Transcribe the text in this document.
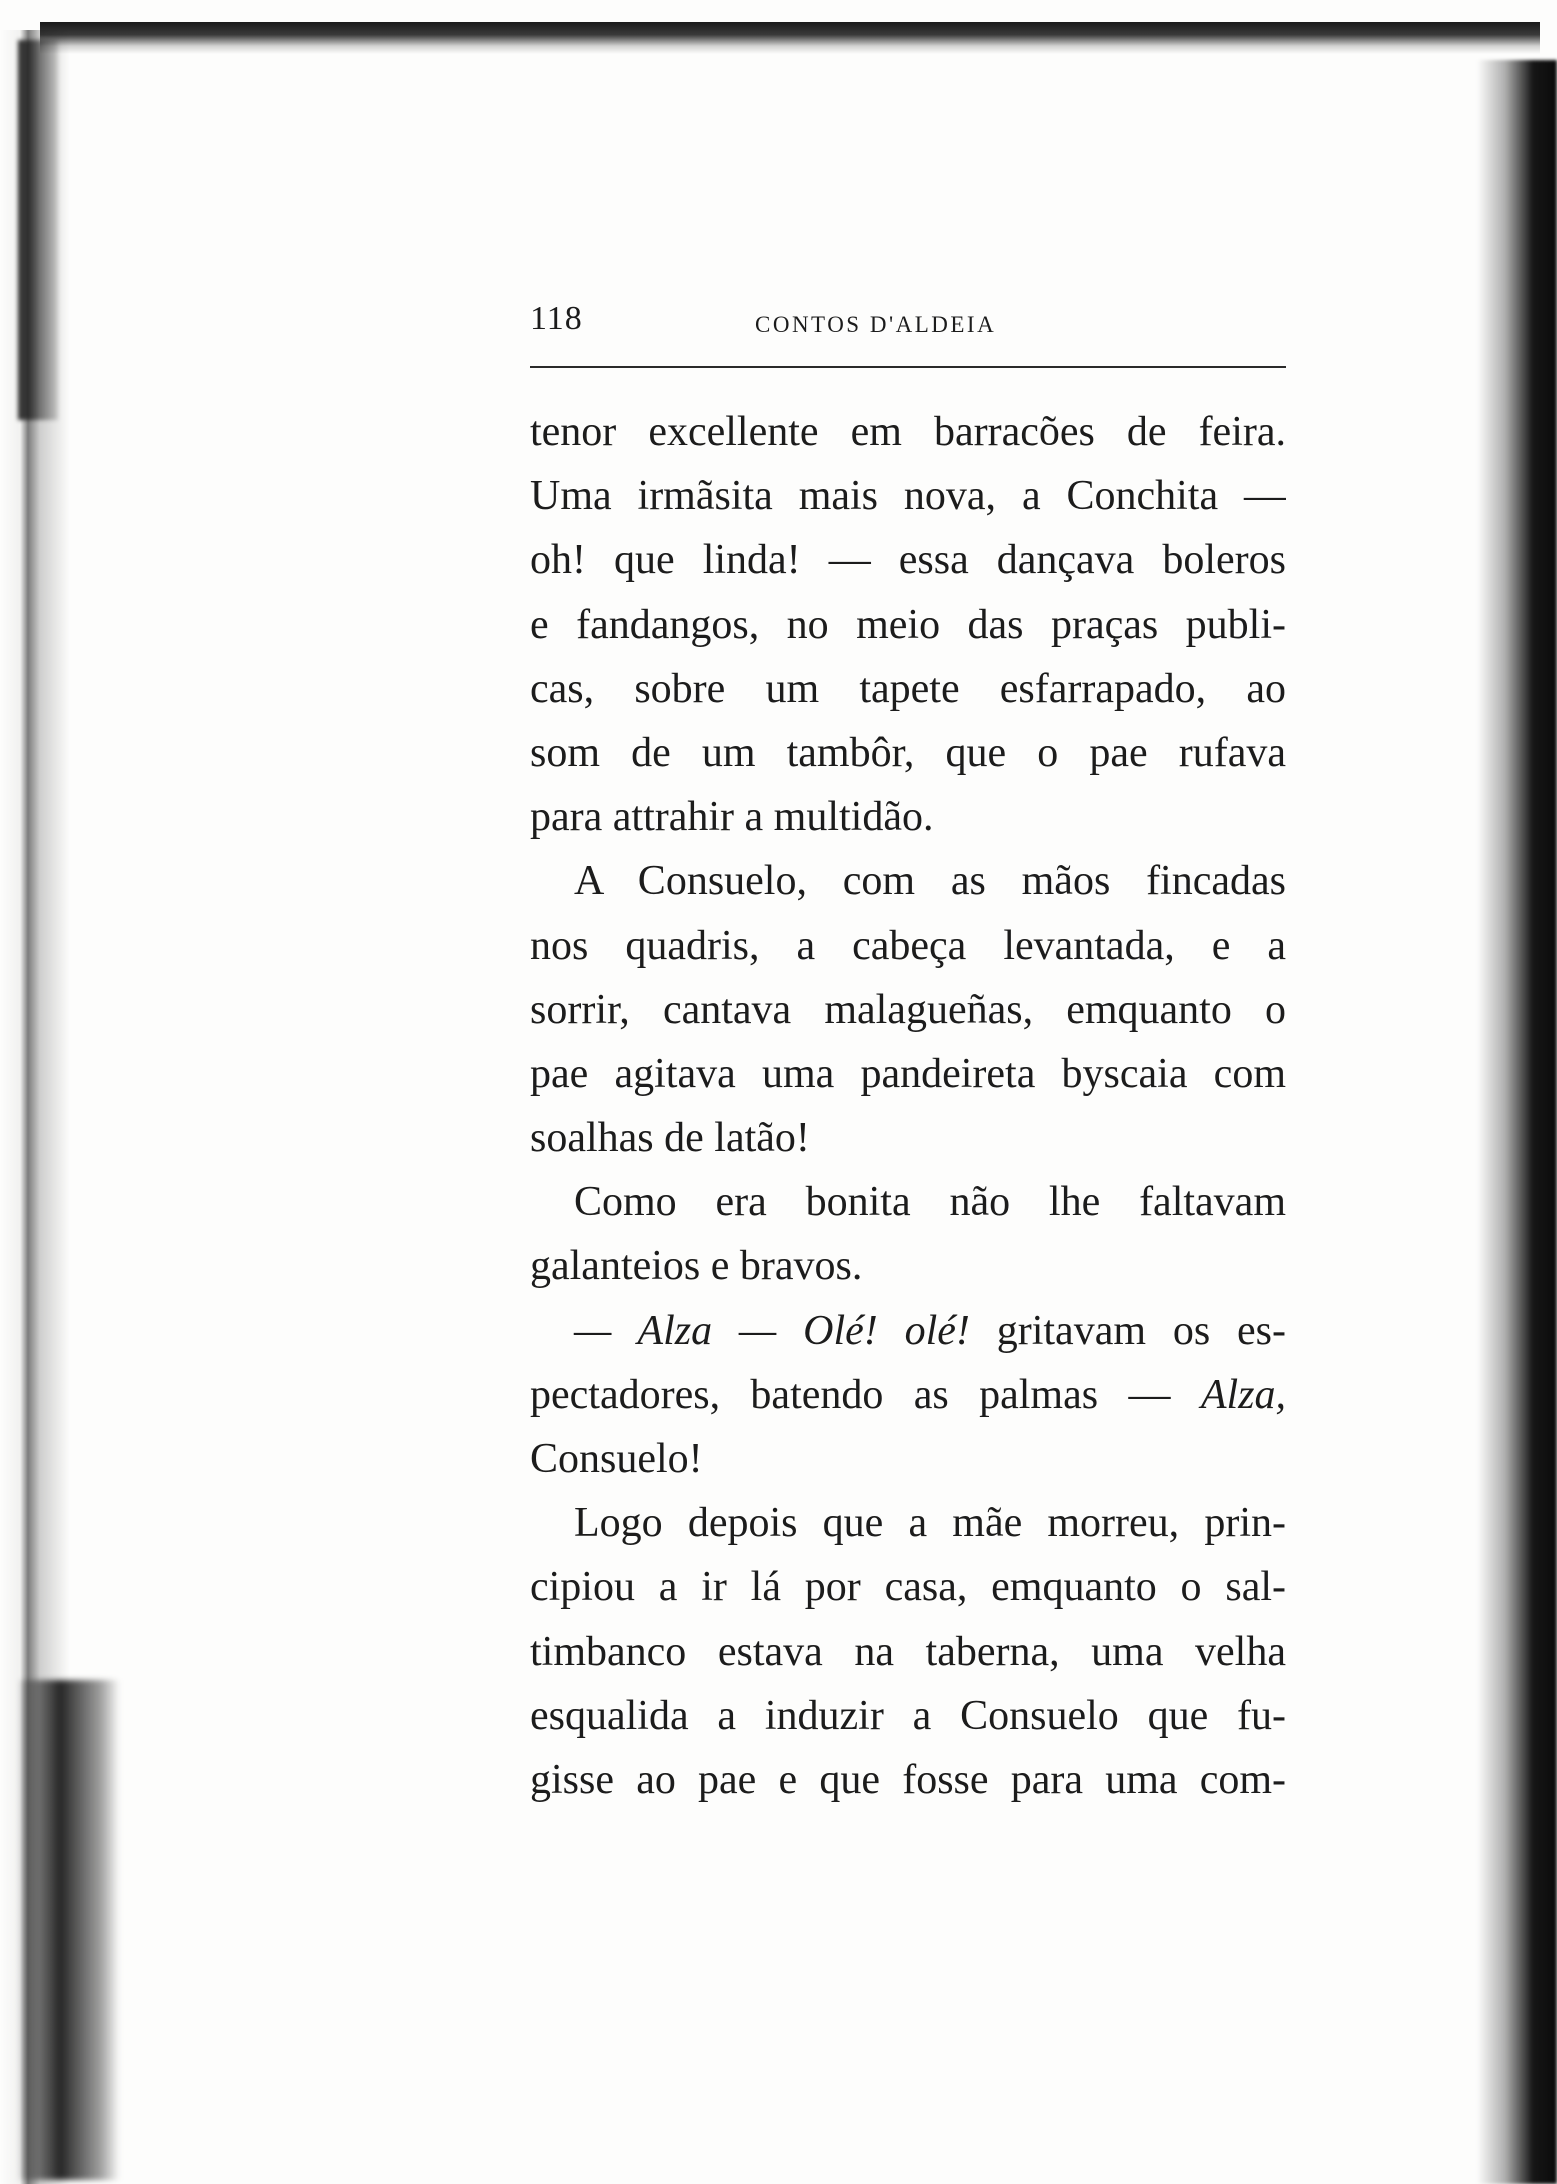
118	CONTOS D'ALDEIA
tenor excellente em barracões de feira.
Uma irmãsita mais nova, a Conchita —
oh! que linda! — essa dançava boleros
e fandangos, no meio das praças publi-
cas, sobre um tapete esfarrapado, ao
som de um tambôr, que o pae rufava
para attrahir a multidão.
A Consuelo, com as mãos fincadas
nos quadris, a cabeça levantada, e a
sorrir, cantava malagueñas, emquanto o
pae agitava uma pandeireta byscaia com
soalhas de latão!
Como era bonita não lhe faltavam
galanteios e bravos.
— Alza — Olé! olé! gritavam os es-
pectadores, batendo as palmas — Alza,
Consuelo!
Logo depois que a mãe morreu, prin-
cipiou a ir lá por casa, emquanto o sal-
timbanco estava na taberna, uma velha
esqualida a induzir a Consuelo que fu-
gisse ao pae e que fosse para uma com-
